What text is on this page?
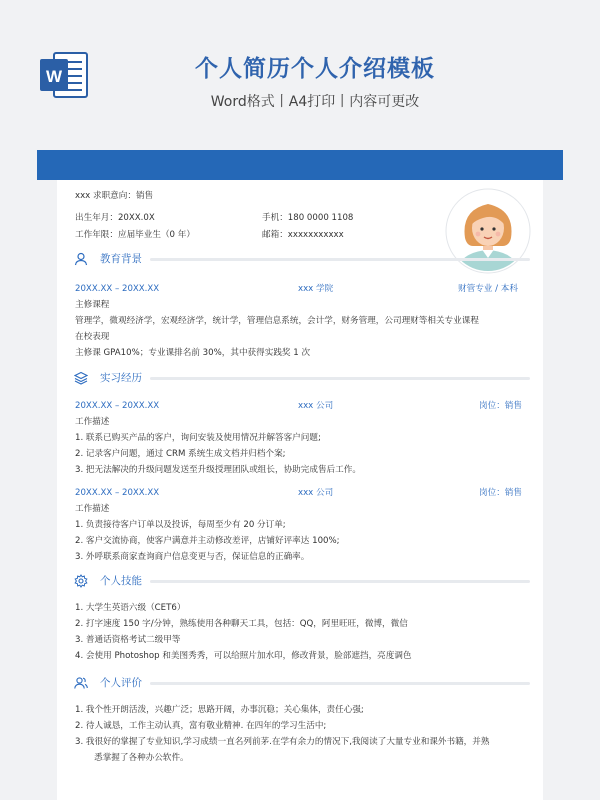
W	个人简历个人介绍模板
Word格式丨A4打印丨内容可更改
xxx 求职意向：销售
出生年月：20XX.0X	手机：180 0000 1108
工作年限：应届毕业生（0 年）	邮箱：xxxxxxxxxxx
教育背景
20XX.XX – 20XX.XX	xxx 学院	财管专业 / 本科
主修课程
管理学，微观经济学，宏观经济学，统计学，管理信息系统，会计学，财务管理，公司理财等相关专业课程
在校表现
主修课 GPA10%；专业课排名前 30%，其中获得实践奖 1 次
实习经历
20XX.XX – 20XX.XX	xxx 公司	岗位：销售
工作描述
1. 联系已购买产品的客户，询问安装及使用情况并解答客户问题;
2. 记录客户问题，通过 CRM 系统生成文档并归档个案;
3. 把无法解决的升级问题发送至升级授理团队或组长，协助完成售后工作。
20XX.XX – 20XX.XX	xxx 公司	岗位：销售
工作描述
1. 负责接待客户订单以及投诉，每周至少有 20 分订单;
2. 客户交流协商，使客户满意并主动修改差评，店铺好评率达 100%;
3. 外呼联系商家查询商户信息变更与否，保证信息的正确率。
个人技能
1. 大学生英语六级（CET6）
2. 打字速度 150 字/分钟，熟练使用各种聊天工具，包括：QQ，阿里旺旺，微博，微信
3. 普通话资格考试二级甲等
4. 会使用 Photoshop 和美图秀秀，可以给照片加水印，修改背景，脸部遮挡，亮度调色
个人评价
1. 我个性开朗活泼，兴趣广泛；思路开阔，办事沉稳；关心集体，责任心强;
2. 待人诚恳，工作主动认真，富有敬业精神. 在四年的学习生活中;
3. 我很好的掌握了专业知识,学习成绩一直名列前茅.在学有余力的情况下,我阅读了大量专业和课外书籍，并熟
悉掌握了各种办公软件。
